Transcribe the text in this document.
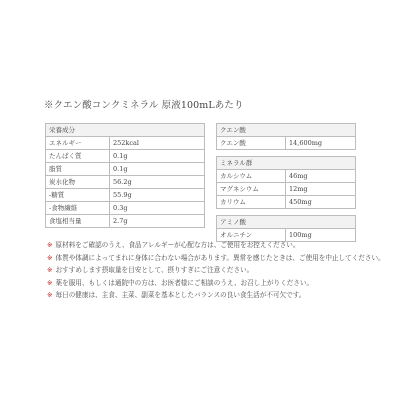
※クエン酸コンクミネラル 原液100mLあたり
栄養成分	
エネルギー	252kcal
たんぱく質	0.1g
脂質	0.1g
炭水化物	56.2g
-糖質	55.9g
-食物繊維	0.3g
食塩相当量	2.7g
クエン酸	
クエン酸	14,600mg

ミネラル群	
カルシウム	46mg
マグネシウム	12mg
カリウム	450mg

アミノ酸	
オルニチン	100mg
※ 原材料をご確認のうえ、食品アレルギーが心配な方は、ご使用をお控えください。
※ 体質や体調によってまれに身体に合わない場合があります。異常を感じたときは、ご使用を中止してください。
※ おすすめします摂取量を目安として、摂りすぎにご注意ください。
※ 薬を服用、もしくは通院中の方は、お医者様にご相談のうえ、お召し上がりください。
※ 毎日の健康は、主食、主菜、副菜を基本としたバランスの良い食生活が不可欠です。
